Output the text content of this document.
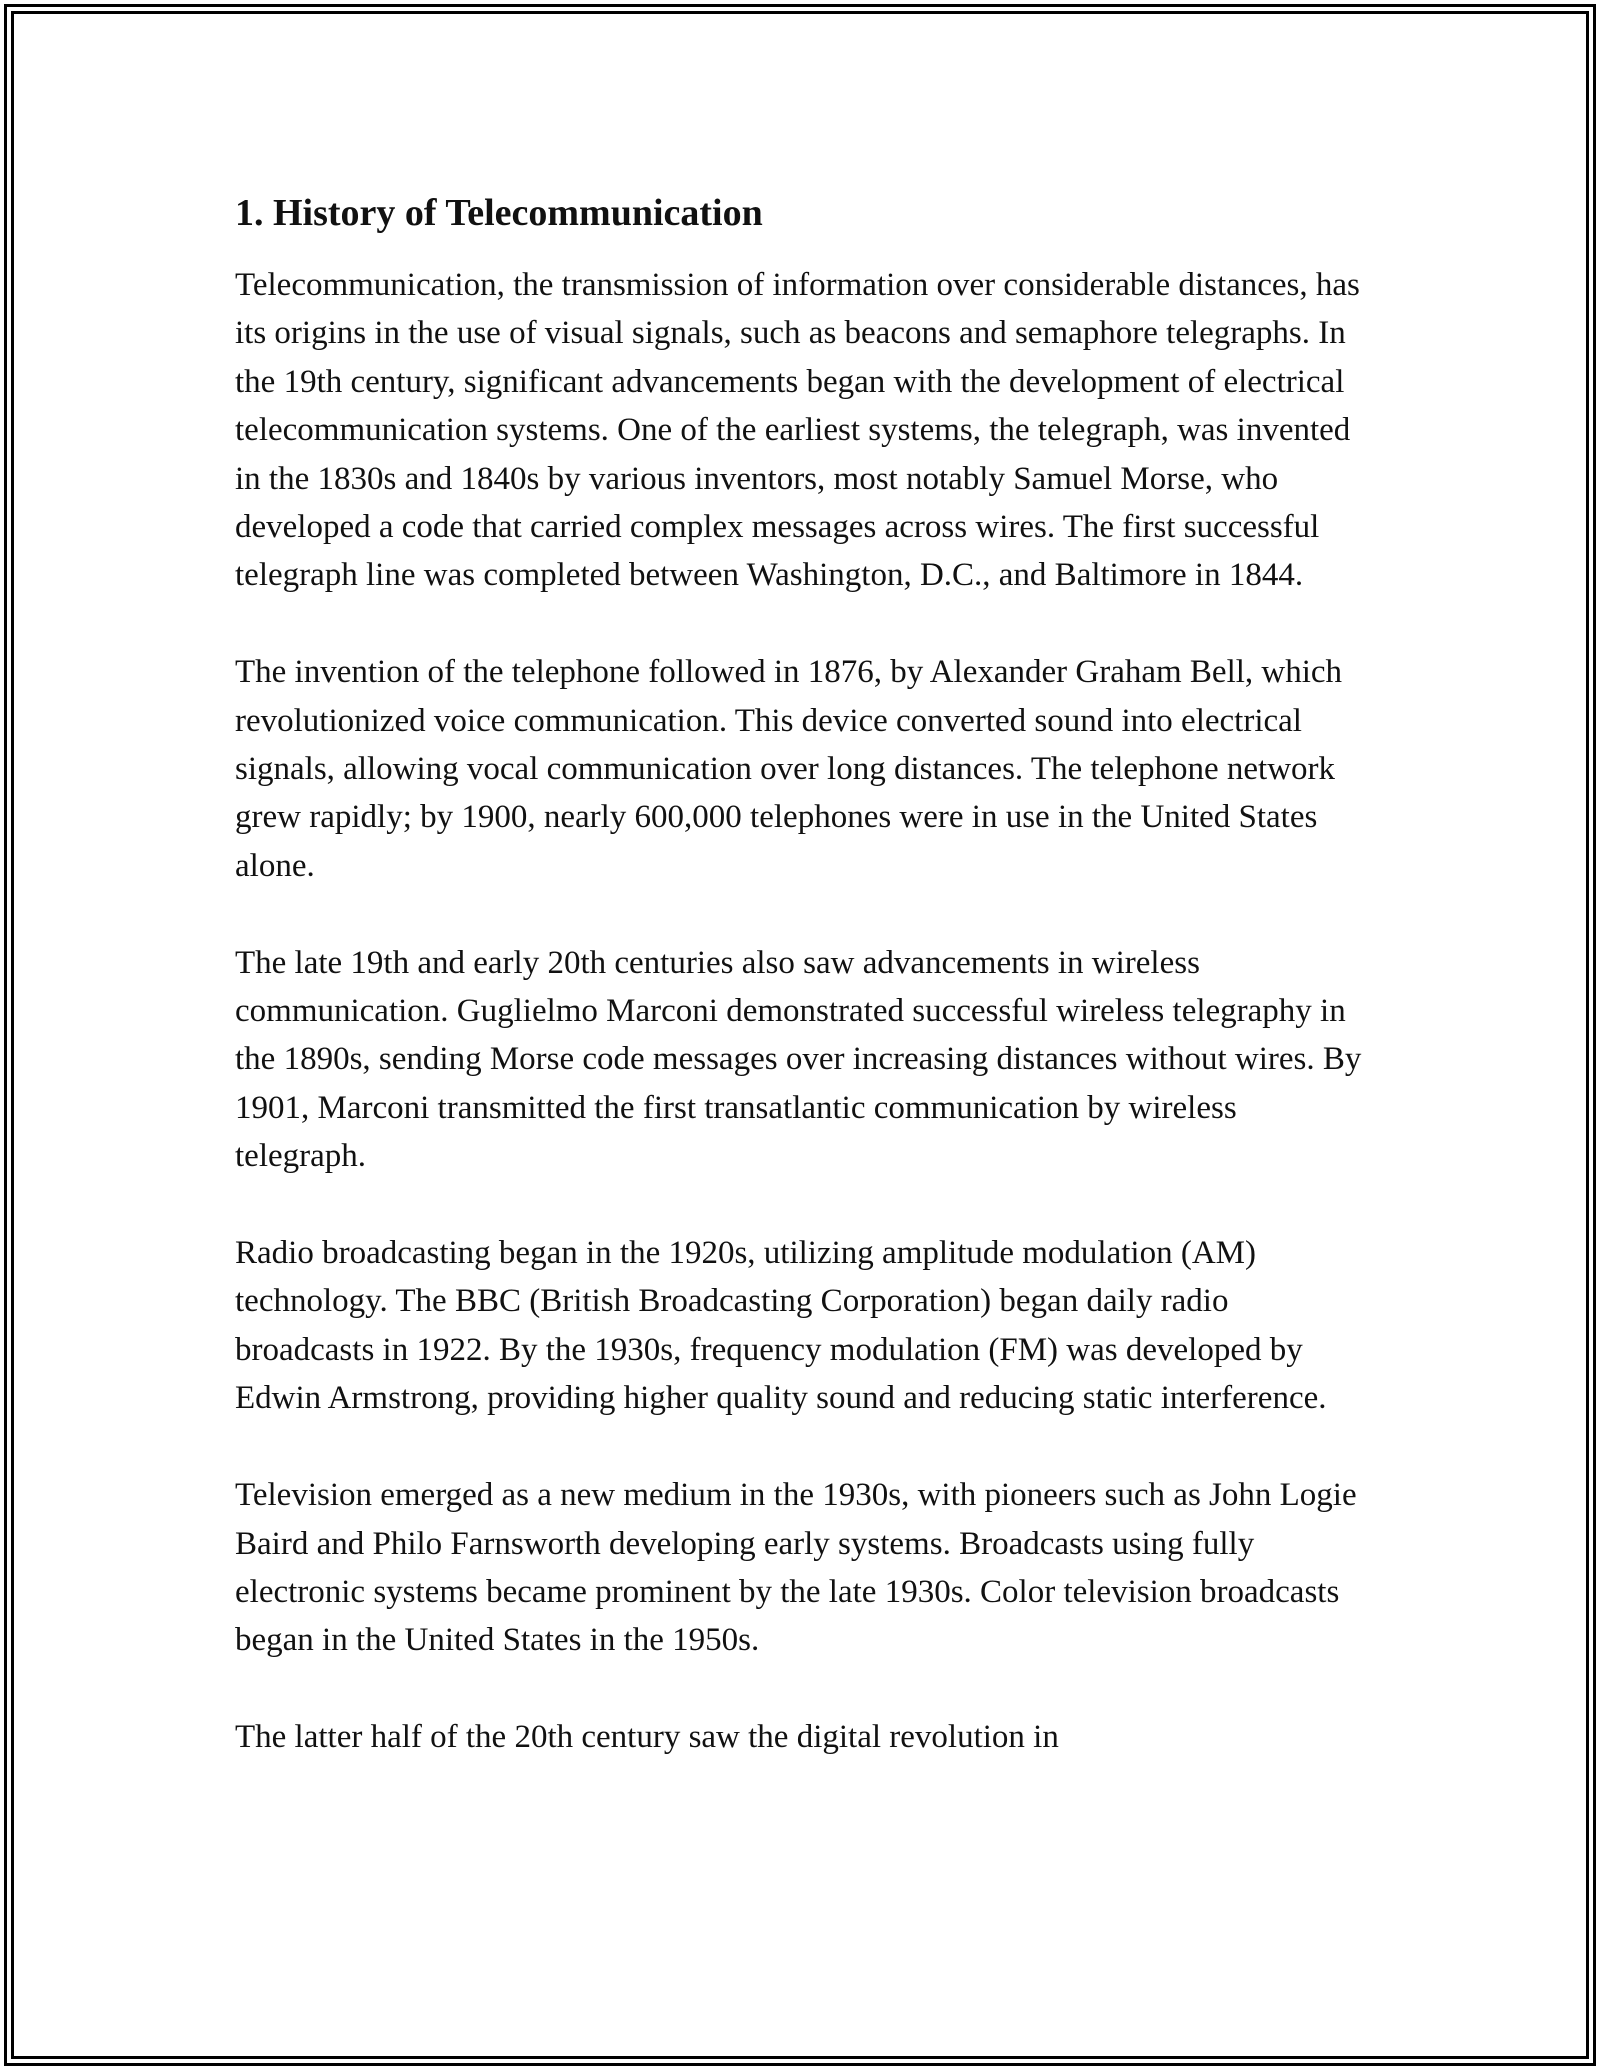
1. History of Telecommunication

Telecommunication, the transmission of information over considerable distances, has its origins in the use of visual signals, such as beacons and semaphore telegraphs. In the 19th century, significant advancements began with the development of electrical telecommunication systems. One of the earliest systems, the telegraph, was invented in the 1830s and 1840s by various inventors, most notably Samuel Morse, who developed a code that carried complex messages across wires. The first successful telegraph line was completed between Washington, D.C., and Baltimore in 1844.

The invention of the telephone followed in 1876, by Alexander Graham Bell, which revolutionized voice communication. This device converted sound into electrical signals, allowing vocal communication over long distances. The telephone network grew rapidly; by 1900, nearly 600,000 telephones were in use in the United States alone.

The late 19th and early 20th centuries also saw advancements in wireless communication. Guglielmo Marconi demonstrated successful wireless telegraphy in the 1890s, sending Morse code messages over increasing distances without wires. By 1901, Marconi transmitted the first transatlantic communication by wireless telegraph.

Radio broadcasting began in the 1920s, utilizing amplitude modulation (AM) technology. The BBC (British Broadcasting Corporation) began daily radio broadcasts in 1922. By the 1930s, frequency modulation (FM) was developed by Edwin Armstrong, providing higher quality sound and reducing static interference.

Television emerged as a new medium in the 1930s, with pioneers such as John Logie Baird and Philo Farnsworth developing early systems. Broadcasts using fully electronic systems became prominent by the late 1930s. Color television broadcasts began in the United States in the 1950s.

The latter half of the 20th century saw the digital revolution in
